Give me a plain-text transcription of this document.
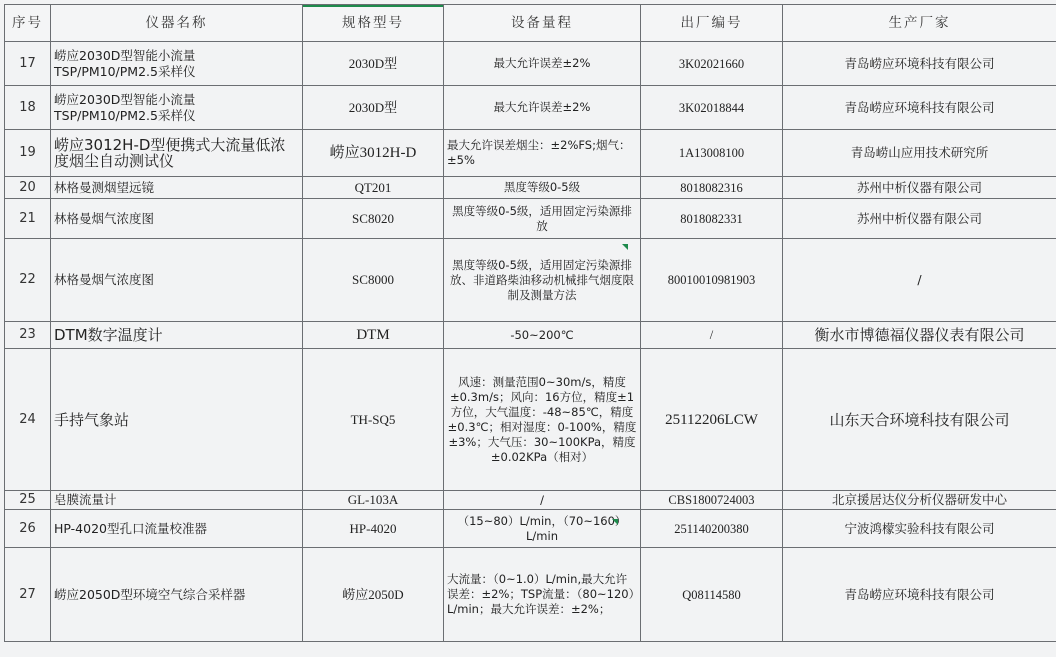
序号	仪器名称	规格型号	设备量程	出厂编号	生产厂家
17	崂应2030D型智能小流量TSP/PM10/PM2.5采样仪	2030D型	最大允许误差±2%	3K02021660	青岛崂应环境科技有限公司
18	崂应2030D型智能小流量TSP/PM10/PM2.5采样仪	2030D型	最大允许误差±2%	3K02018844	青岛崂应环境科技有限公司
19	崂应3012H-D型便携式大流量低浓度烟尘自动测试仪	崂应3012H-D	最大允许误差烟尘：±2%FS;烟气：±5%	1A13008100	青岛崂山应用技术研究所
20	林格曼测烟望远镜	QT201	黑度等级0-5级	8018082316	苏州中析仪器有限公司
21	林格曼烟气浓度图	SC8020	黑度等级0-5级，适用固定污染源排放	8018082331	苏州中析仪器有限公司
22	林格曼烟气浓度图	SC8000	黑度等级0-5级，适用固定污染源排放、非道路柴油移动机械排气烟度限制及测量方法	80010010981903	/
23	DTM数字温度计	DTM	-50~200℃	/	衡水市博德福仪器仪表有限公司
24	手持气象站	TH-SQ5	风速：测量范围0~30m/s，精度±0.3m/s；风向：16方位，精度±1方位，大气温度：-48~85℃，精度±0.3℃；相对湿度：0-100%，精度±3%；大气压：30~100KPa，精度±0.02KPa（相对）	25112206LCW	山东天合环境科技有限公司
25	皂膜流量计	GL-103A	/	CBS1800724003	北京援居达仪分析仪器研发中心
26	HP-4020型孔口流量校准器	HP-4020	（15~80）L/min，（70~160）L/min	251140200380	宁波鸿檬实验科技有限公司
27	崂应2050D型环境空气综合采样器	崂应2050D	大流量：（0~1.0）L/min,最大允许误差：±2%；TSP流量：（80~120）L/min；最大允许误差：±2%；	Q08114580	青岛崂应环境科技有限公司
